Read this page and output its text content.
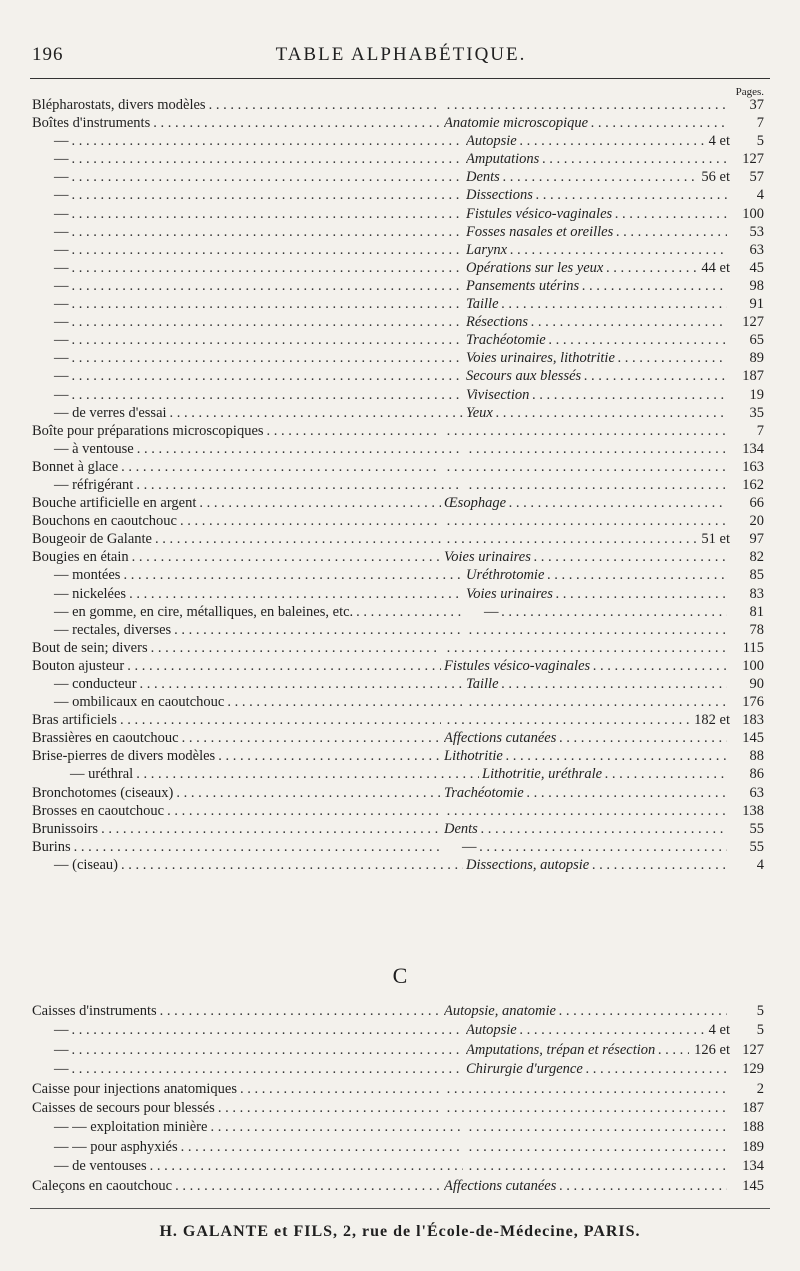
196	TABLE ALPHABÉTIQUE.
Pages.
Blépharostats, divers modèles . . . . . .	37
Boîtes d'instruments . . .	Anatomie microscopique . . .	7
— . . .	Autopsie . . .	4 et	5
— . . .	Amputations . . .	127
— . . .	Dents . . .	56 et	57
— . . .	Dissections . . .	4
— . . .	Fistules vésico-vaginales . . .	100
— . . .	Fosses nasales et oreilles . . .	53
— . . .	Larynx . . .	63
— . . .	Opérations sur les yeux . . .	44 et	45
— . . .	Pansements utérins . . .	98
— . . .	Taille . . .	91
— . . .	Résections . . .	127
— . . .	Trachéotomie . . .	65
— . . .	Voies urinaires, lithotritie . . .	89
— . . .	Secours aux blessés . . .	187
— . . .	Vivisection . . .	19
— de verres d'essai . . .	Yeux . . .	35
Boîte pour préparations microscopiques . . . . . .	7
— à ventouse . . . . . .	134
Bonnet à glace . . . . . .	163
— réfrigérant . . . . . .	162
Bouche artificielle en argent . . .	Œsophage . . .	66
Bouchons en caoutchouc . . . . . .	20
Bougeoir de Galante . . . . . .	51 et	97
Bougies en étain . . .	Voies urinaires . . .	82
— montées . . .	Uréthrotomie . . .	85
— nickelées . . .	Voies urinaires . . .	83
— en gomme, en cire, métalliques, en baleines, etc. . . .	— . . .	81
— rectales, diverses . . . . . .	78
Bout de sein; divers . . . . . .	115
Bouton ajusteur . . .	Fistules vésico-vaginales . . .	100
— conducteur . . .	Taille . . .	90
— ombilicaux en caoutchouc . . . . . .	176
Bras artificiels . . . . . .	182 et 183
Brassières en caoutchouc . . .	Affections cutanées . . .	145
Brise-pierres de divers modèles . . .	Lithotritie . . .	88
— uréthral . . .	Lithotritie, uréthrale . . .	86
Bronchotomes (ciseaux) . . .	Trachéotomie . . .	63
Brosses en caoutchouc . . . . . .	138
Brunissoirs . . .	Dents . . .	55
Burins . . .	— . . .	55
— (ciseau) . . .	Dissections, autopsie . . .	4
C
Caisses d'instruments . . .	Autopsie, anatomie . . .	5
— . . .	Autopsie . . .	4 et	5
— . . .	Amputations, trépan et résection . . .	126 et 127
— . . .	Chirurgie d'urgence . . .	129
Caisse pour injections anatomiques . . . . . .	2
Caisses de secours pour blessés . . . . . .	187
— — exploitation minière . . . . . .	188
— — pour asphyxiés . . . . . .	189
— de ventouses . . . . . .	134
Caleçons en caoutchouc . . .	Affections cutanées . . .	145
H. GALANTE et FILS, 2, rue de l'École-de-Médecine, PARIS.
